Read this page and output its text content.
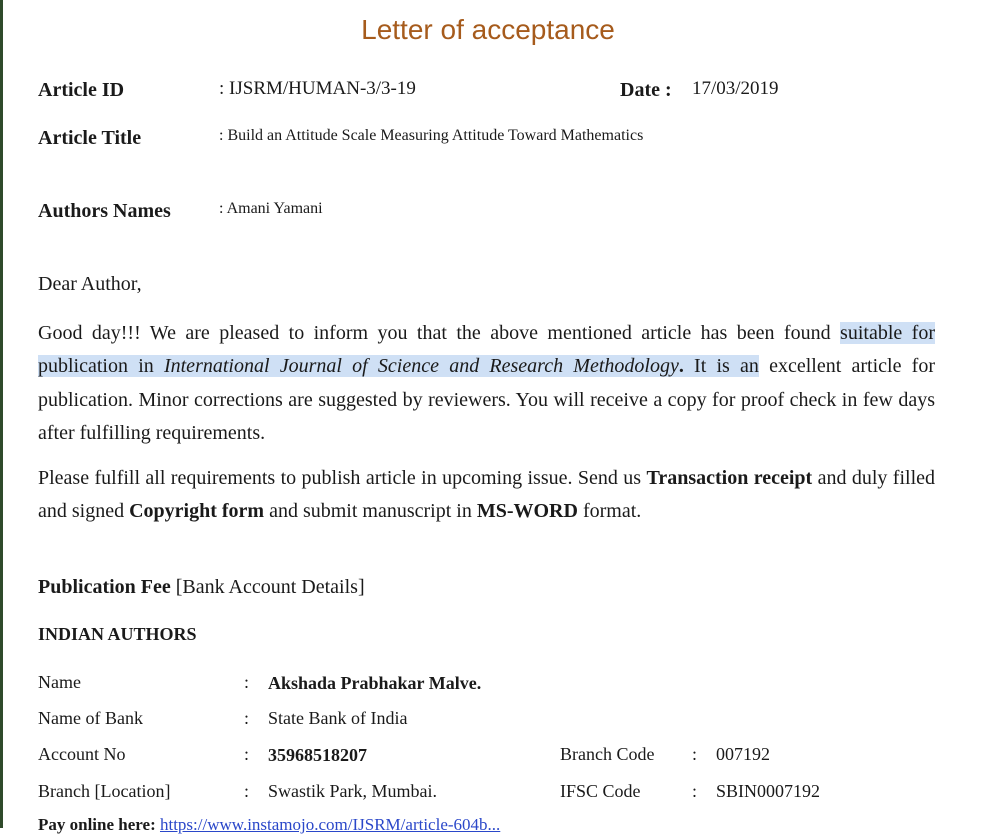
Letter of acceptance
Article ID	: IJSRM/HUMAN-3/3-19	Date : 17/03/2019
Article Title	: Build an Attitude Scale Measuring Attitude Toward Mathematics
Authors Names	: Amani Yamani
Dear Author,
Good day!!! We are pleased to inform you that the above mentioned article has been found suitable for publication in International Journal of Science and Research Methodology. It is an excellent article for publication. Minor corrections are suggested by reviewers. You will receive a copy for proof check in few days after fulfilling requirements.
Please fulfill all requirements to publish article in upcoming issue. Send us Transaction receipt and duly filled and signed Copyright form and submit manuscript in MS-WORD format.
Publication Fee [Bank Account Details]
INDIAN AUTHORS
Name	: Akshada Prabhakar Malve.
Name of Bank	: State Bank of India
Account No	: 35968518207	Branch Code : 007192
Branch [Location]	: Swastik Park, Mumbai.	IFSC Code	: SBIN0007192
Pay online here: https://www.instamojo.com/IJSRM/article-604b...
